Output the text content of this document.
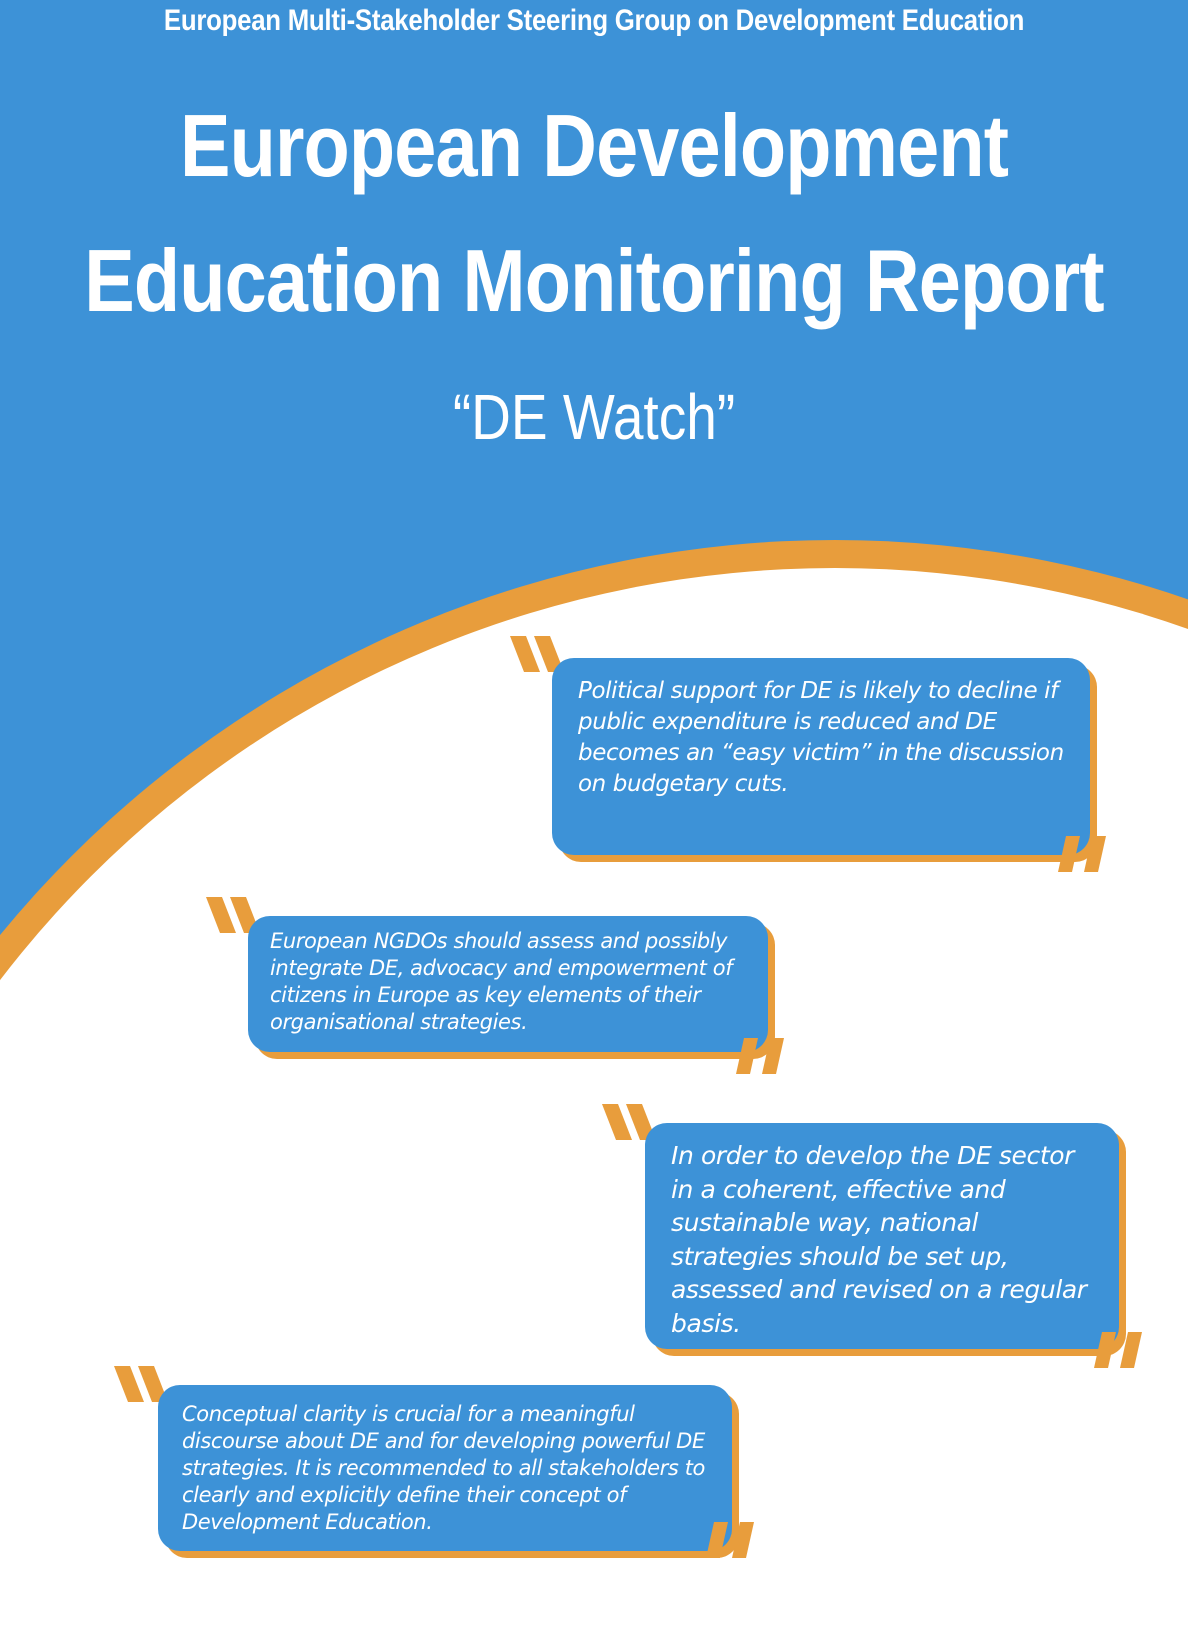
European Multi-Stakeholder Steering Group on Development Education
European Development
Education Monitoring Report
“DE Watch”
Political support for DE is likely to decline if public expenditure is reduced and DE becomes an “easy victim” in the discussion on budgetary cuts.
European NGDOs should assess and possibly integrate DE, advocacy and empowerment of citizens in Europe as key elements of their organisational strategies.
In order to develop the DE sector in a coherent, effective and sustainable way, national strategies should be set up, assessed and revised on a regular basis.
Conceptual clarity is crucial for a meaningful discourse about DE and for developing powerful DE strategies. It is recommended to all stakeholders to clearly and explicitly define their concept of Development Education.
